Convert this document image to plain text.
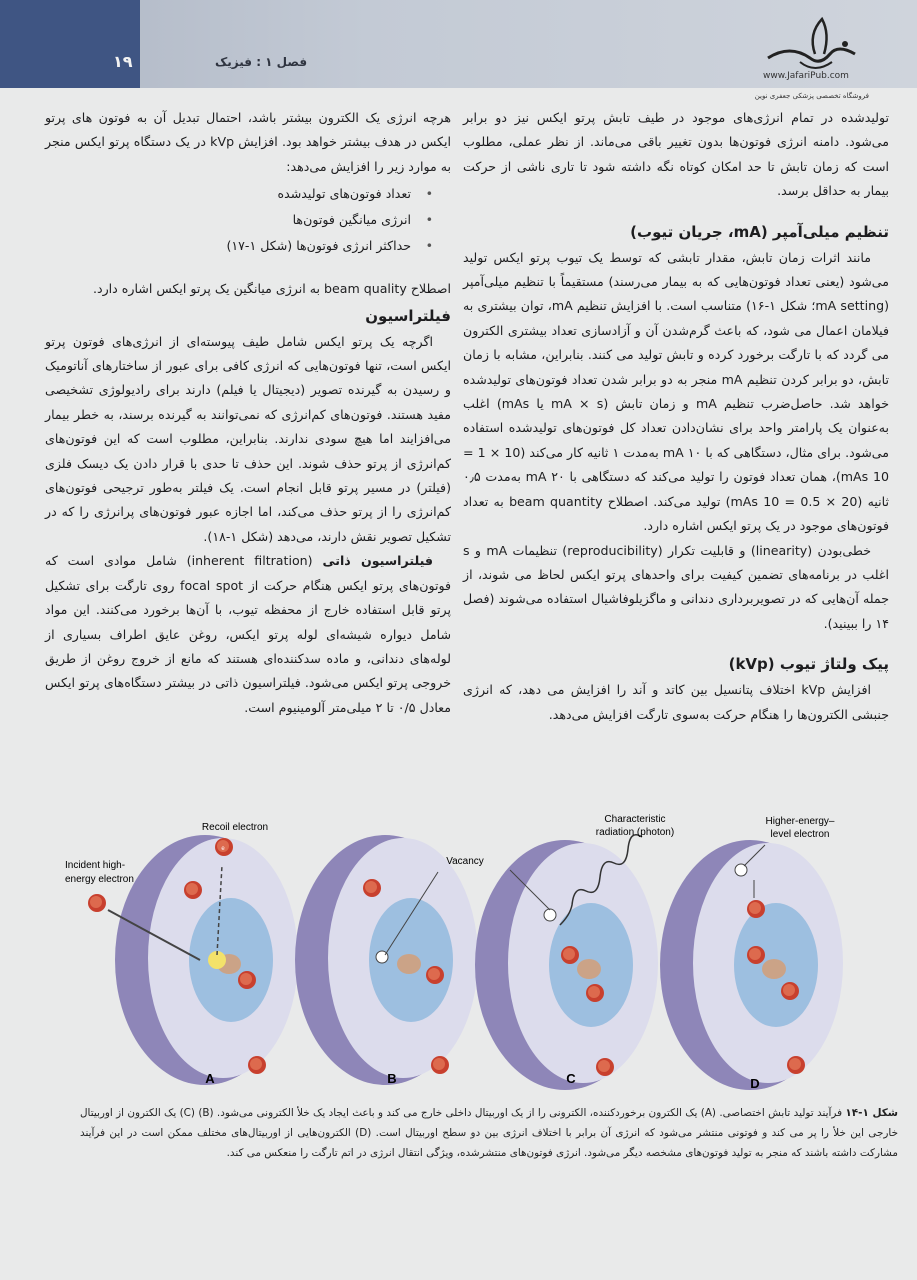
۱۹	فصل ۱ : فیزیک
www.JafariPub.com
فروشگاه تخصصی پزشکی جعفری نوین

تولیدشده در تمام انرژی‌های موجود در طیف تابش پرتو ایکس نیز دو برابر می‌شود. دامنه انرژی فوتون‌ها بدون تغییر باقی می‌ماند. از نظر عملی، مطلوب است که زمان تابش تا حد امکان کوتاه نگه داشته شود تا تاری ناشی از حرکت بیمار به حداقل برسد.

تنظیم میلی‌آمپر (mA، جریان تیوب)

مانند اثرات زمان تابش، مقدار تابشی که توسط یک تیوب پرتو ایکس تولید می‌شود (یعنی تعداد فوتون‌هایی که به بیمار می‌رسند) مستقیماً با تنظیم میلی‌آمپر (mA setting؛ شکل ۱-۱۶) متناسب است. با افزایش تنظیم mA، توان بیشتری به فیلامان اعمال می شود، که باعث گرم‌شدن آن و آزادسازی تعداد بیشتری الکترون می گردد که با تارگت برخورد کرده و تابش تولید می کنند. بنابراین، مشابه با زمان تابش، دو برابر کردن تنظیم mA منجر به دو برابر شدن تعداد فوتون‌های تولیدشده خواهد شد. حاصل‌ضرب تنظیم mA و زمان تابش (mA × s یا mAs) اغلب به‌عنوان یک پارامتر واحد برای نشان‌دادن تعداد کل فوتون‌های تولیدشده استفاده می‌شود. برای مثال، دستگاهی که با ۱۰ mA به‌مدت ۱ ثانیه کار می‌کند (10 × 1 = 10 mAs)، همان تعداد فوتون را تولید می‌کند که دستگاهی با ۲۰ mA به‌مدت ۰٫۵ ثانیه (20 × 0.5 = 10 mAs) تولید می‌کند. اصطلاح beam quantity به تعداد فوتون‌های موجود در یک پرتو ایکس اشاره دارد.

خطی‌بودن (linearity) و قابلیت تکرار (reproducibility) تنظیمات mA و s اغلب در برنامه‌های تضمین کیفیت برای واحدهای پرتو ایکس لحاظ می شوند، از جمله آن‌هایی که در تصویربرداری دندانی و ماگزیلوفاشیال استفاده می‌شوند (فصل ۱۴ را ببینید).

پیک ولتاژ تیوب (kVp)

افزایش kVp اختلاف پتانسیل بین کاتد و آند را افزایش می دهد، که انرژی جنبشی الکترون‌ها را هنگام حرکت به‌سوی تارگت افزایش می‌دهد.

هرچه انرژی یک الکترون بیشتر باشد، احتمال تبدیل آن به فوتون های پرتو ایکس در هدف بیشتر خواهد بود. افزایش kVp در یک دستگاه پرتو ایکس منجر به موارد زیر را افزایش می‌دهد:

• تعداد فوتون‌های تولیدشده
• انرژی میانگین فوتون‌ها
• حداکثر انرژی فوتون‌ها (شکل ۱-۱۷)

اصطلاح beam quality به انرژی میانگین یک پرتو ایکس اشاره دارد.

فیلتراسیون

اگرچه یک پرتو ایکس شامل طیف پیوسته‌ای از انرژی‌های فوتون پرتو ایکس است، تنها فوتون‌هایی که انرژی کافی برای عبور از ساختارهای آناتومیک و رسیدن به گیرنده تصویر (دیجیتال یا فیلم) دارند برای رادیولوژی تشخیصی مفید هستند. فوتون‌های کم‌انرژی که نمی‌توانند به گیرنده برسند، به خطر بیمار می‌افزایند اما هیچ سودی ندارند. بنابراین، مطلوب است که این فوتون‌های کم‌انرژی از پرتو حذف شوند. این حذف تا حدی با قرار دادن یک دیسک فلزی (فیلتر) در مسیر پرتو قابل انجام است. یک فیلتر به‌طور ترجیحی فوتون‌های کم‌انرژی را از پرتو حذف می‌کند، اما اجازه عبور فوتون‌های پرانرژی را که در تشکیل تصویر نقش دارند، می‌دهد (شکل ۱-۱۸).

فیلتراسیون ذاتی (inherent filtration) شامل موادی است که فوتون‌های پرتو ایکس هنگام حرکت از focal spot روی تارگت برای تشکیل پرتو قابل استفاده خارج از محفظه تیوب، با آن‌ها برخورد می‌کنند. این مواد شامل دیواره شیشه‌ای لوله پرتو ایکس، روغن عایق اطراف بسیاری از لوله‌های دندانی، و ماده سدکننده‌ای هستند که مانع از خروج روغن از طریق خروجی پرتو ایکس می‌شود. فیلتراسیون ذاتی در بیشتر دستگاه‌های پرتو ایکس معادل ۰/۵ تا ۲ میلی‌متر آلومینیوم است.

Recoil electron
Incident high-
energy electron
Vacancy
Characteristic
radiation (photon)
Higher-energy–
level electron
A	B	C	D
e
شکل ۱-۱۴ فرآیند تولید تابش اختصاصی. (A) یک الکترون برخوردکننده، الکترونی را از یک اوربیتال داخلی خارج می کند و باعث ایجاد یک خلأ الکترونی می‌شود. (B) (C) یک الکترون از اوربیتال خارجی این خلأ را پر می کند و فوتونی منتشر می‌شود که انرژی آن برابر با اختلاف انرژی بین دو سطح اوربیتال است. (D) الکترون‌هایی از اوربیتال‌های مختلف ممکن است در این فرآیند مشارکت داشته باشند که منجر به تولید فوتون‌های مشخصه دیگر می‌شود. انرژی فوتون‌های منتشرشده، ویژگی انتقال انرژی در اتم تارگت را منعکس می کند.
